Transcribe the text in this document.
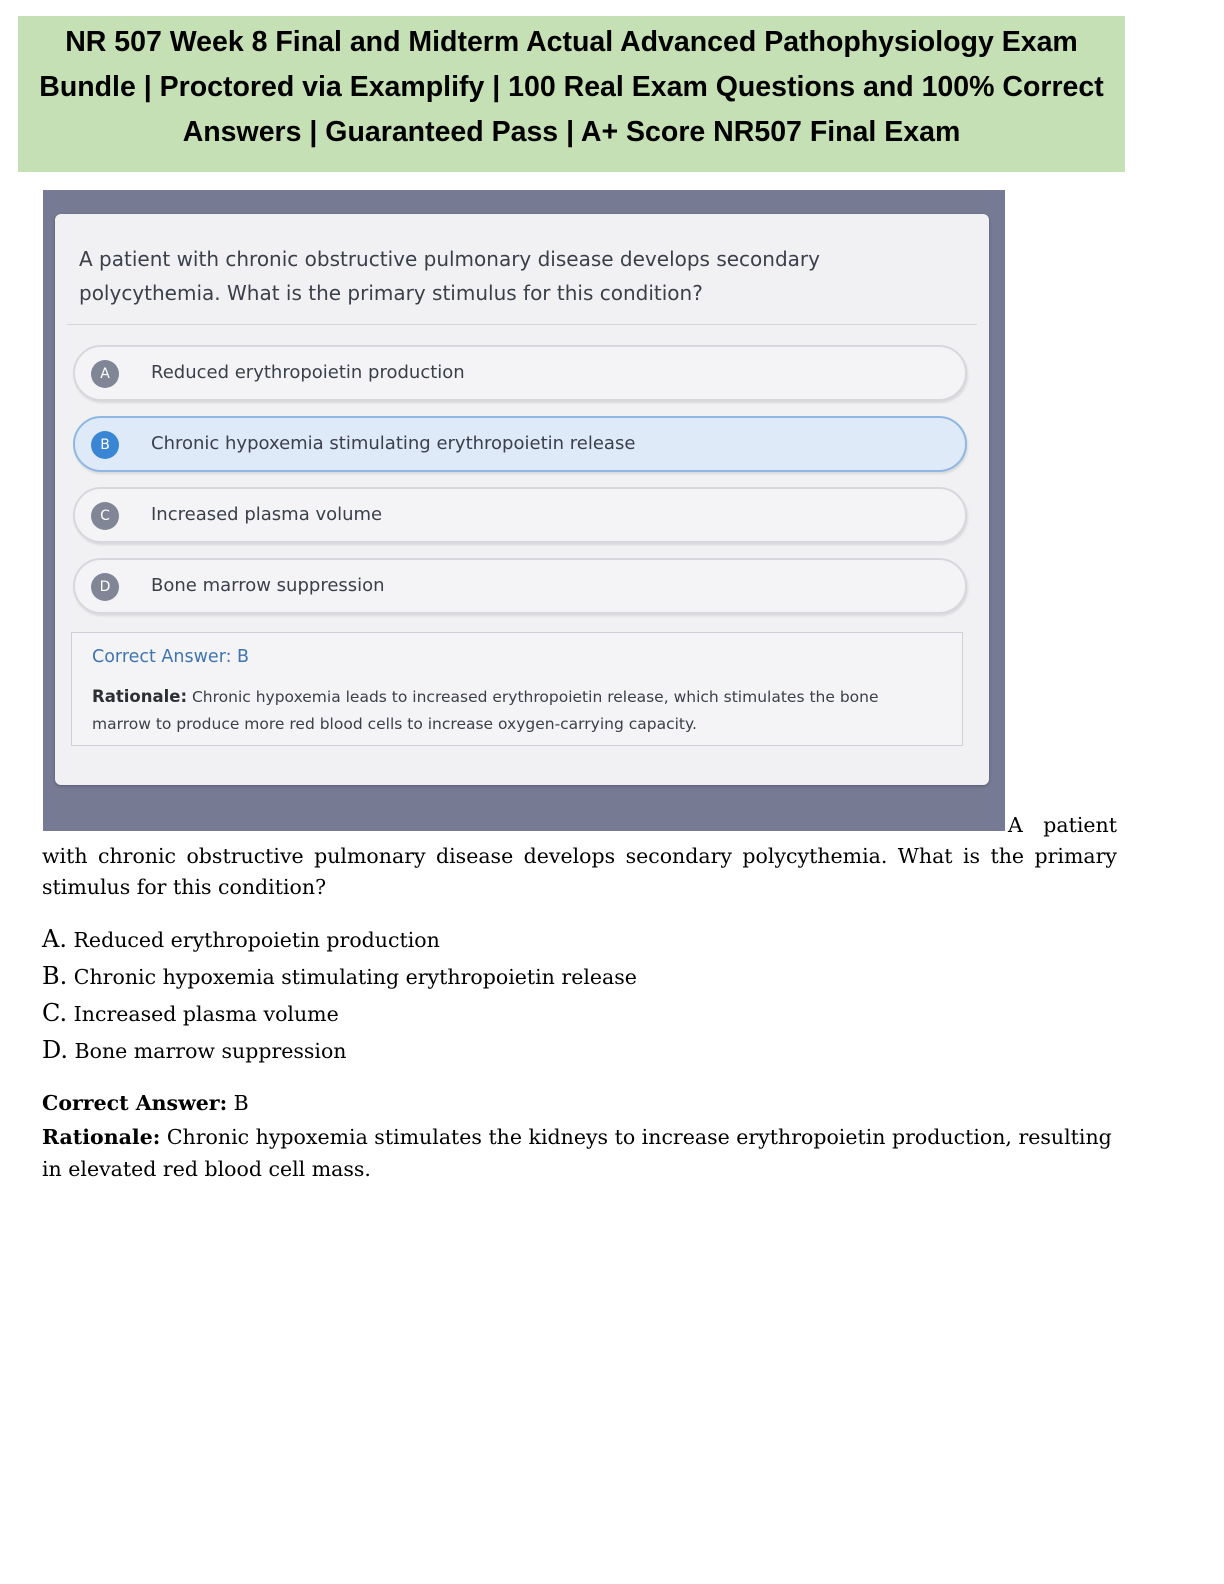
NR 507 Week 8 Final and Midterm Actual Advanced Pathophysiology Exam Bundle | Proctored via Examplify | 100 Real Exam Questions and 100% Correct Answers | Guaranteed Pass | A+ Score NR507 Final Exam
A patient with chronic obstructive pulmonary disease develops secondary polycythemia. What is the primary stimulus for this condition?
A	Reduced erythropoietin production
B	Chronic hypoxemia stimulating erythropoietin release
C	Increased plasma volume
D	Bone marrow suppression
Correct Answer: B
Rationale: Chronic hypoxemia leads to increased erythropoietin release, which stimulates the bone marrow to produce more red blood cells to increase oxygen-carrying capacity.

A patient with chronic obstructive pulmonary disease develops secondary polycythemia. What is the primary stimulus for this condition?

A. Reduced erythropoietin production
B. Chronic hypoxemia stimulating erythropoietin release
C. Increased plasma volume
D. Bone marrow suppression
Correct Answer: B
Rationale: Chronic hypoxemia stimulates the kidneys to increase erythropoietin production, resulting in elevated red blood cell mass.
